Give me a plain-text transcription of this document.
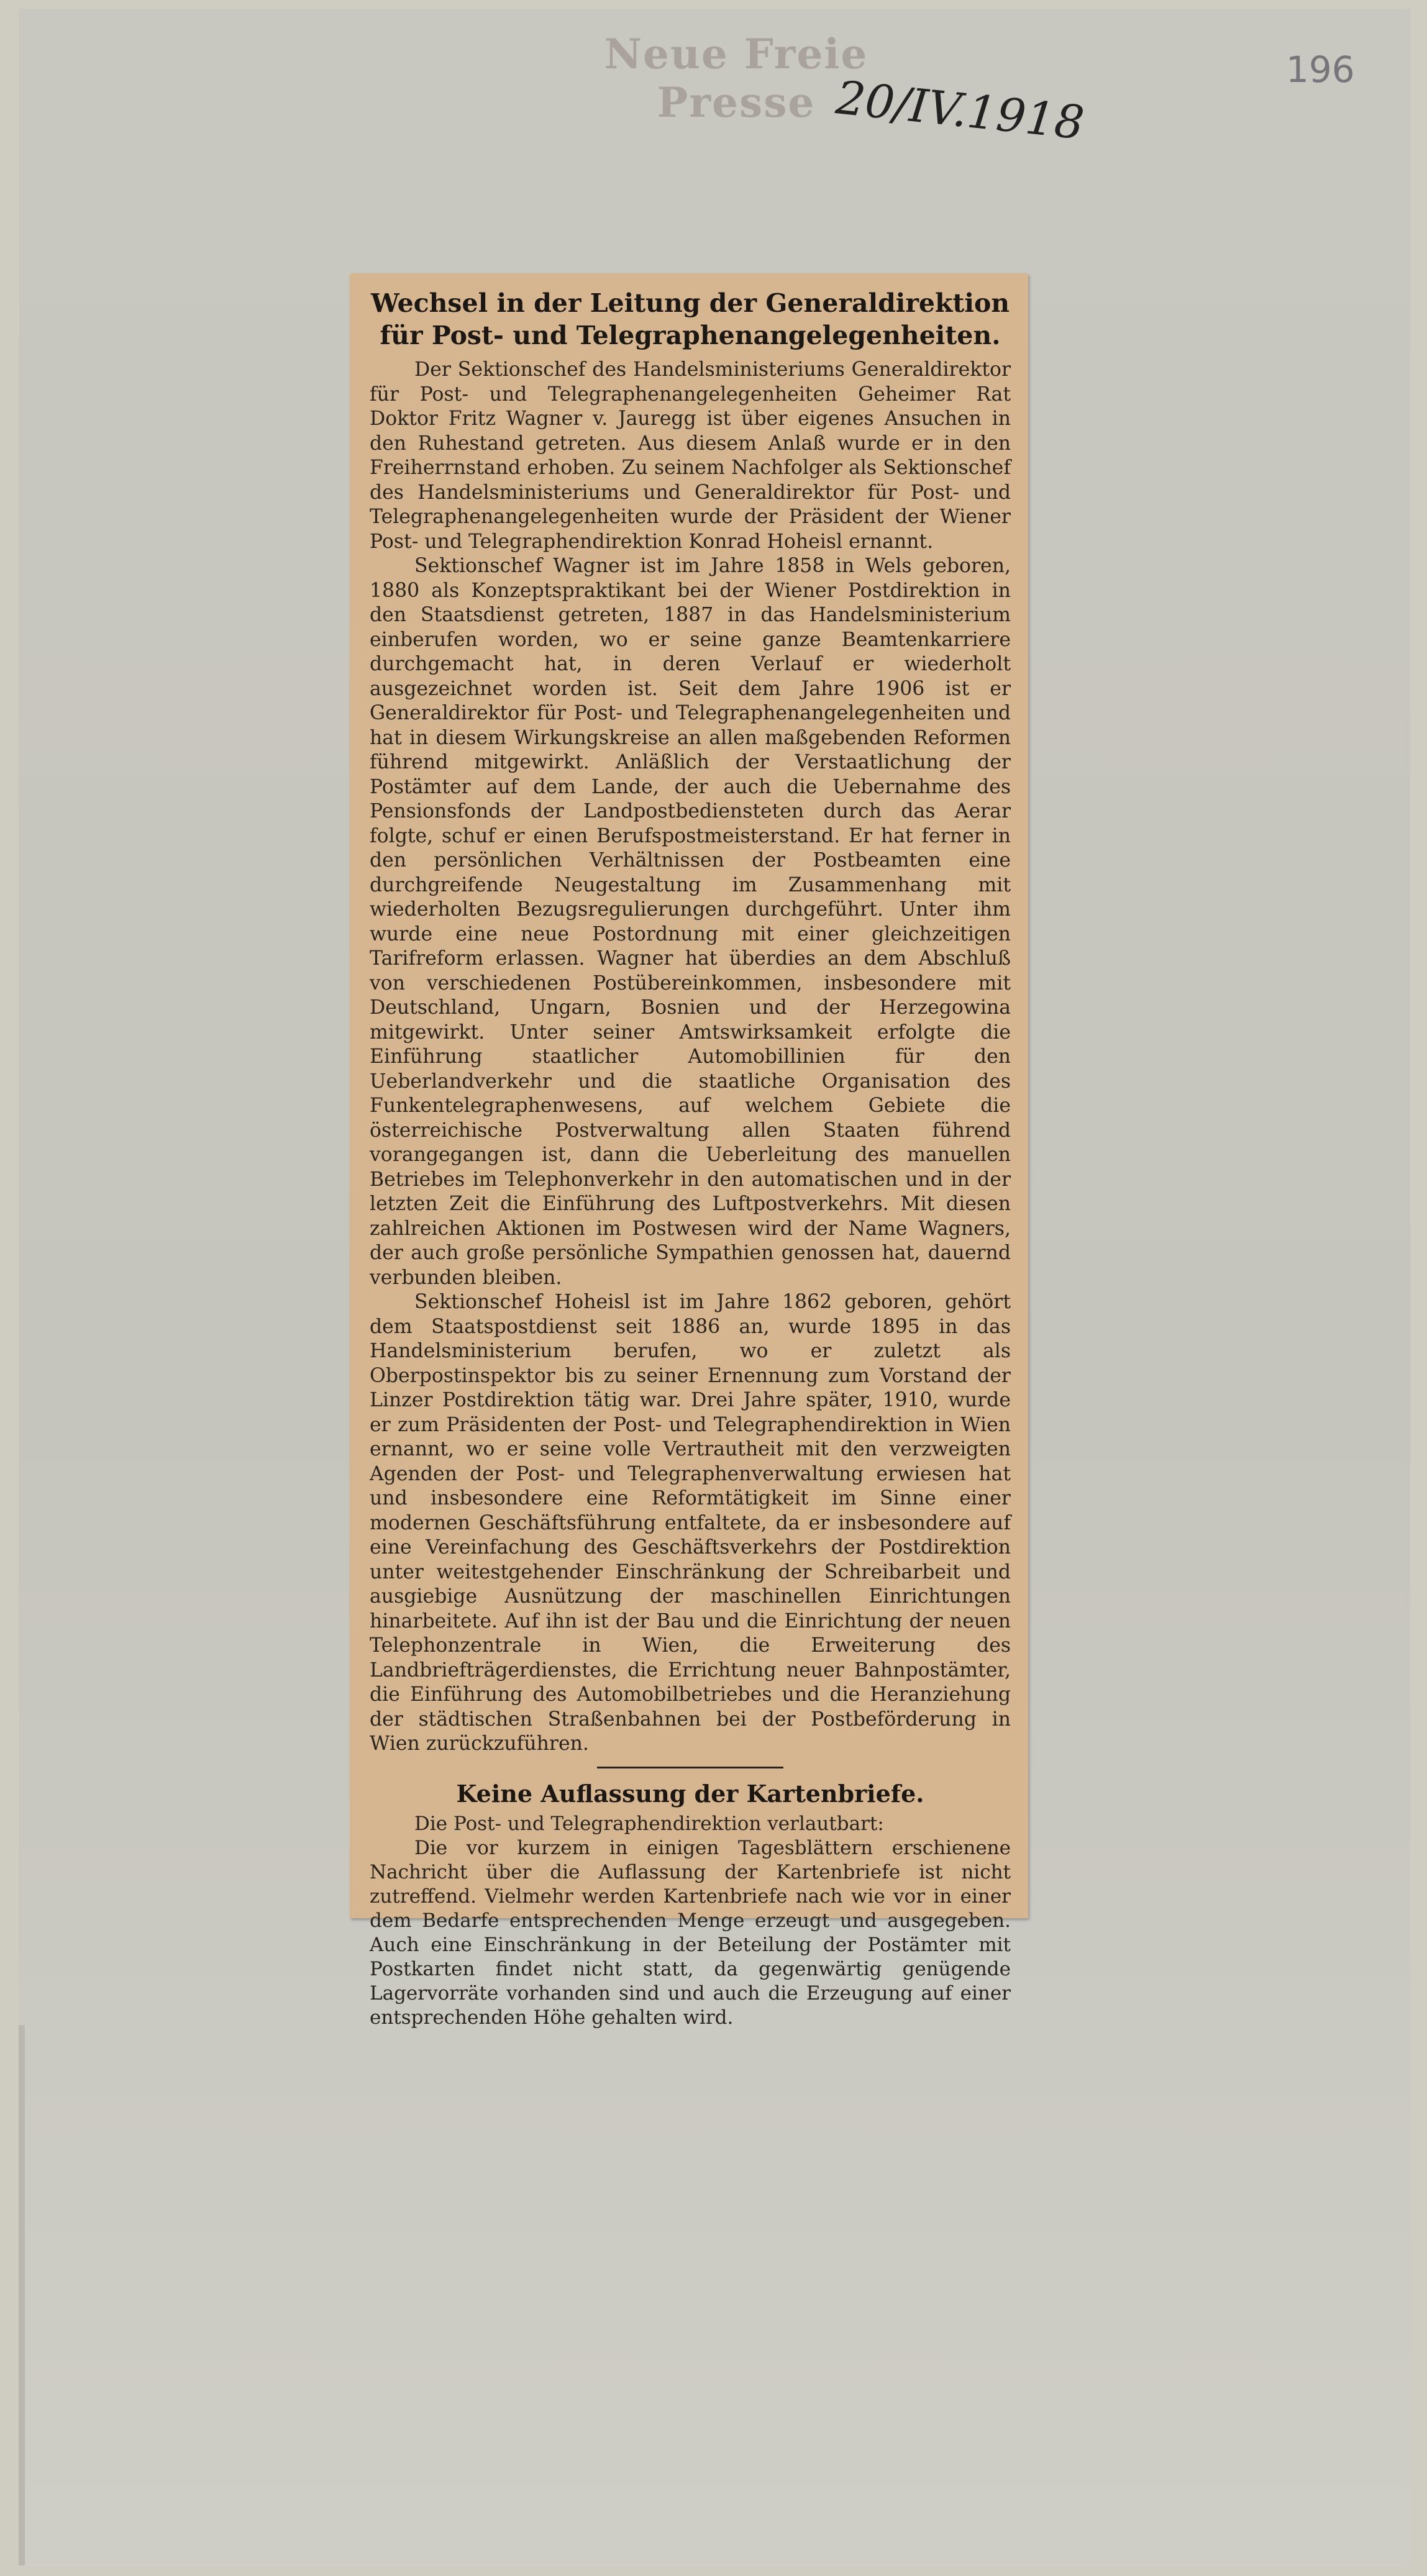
Neue Freie Presse 20/IV.1918
196
Wechsel in der Leitung der Generaldirektion für Post- und Telegraphenangelegenheiten.

Der Sektionschef des Handelsministeriums Generaldirektor für Post- und Telegraphenangelegenheiten Geheimer Rat Doktor Fritz Wagner v. Jauregg ist über eigenes Ansuchen in den Ruhestand getreten. Aus diesem Anlaß wurde er in den Freiherrnstand erhoben. Zu seinem Nachfolger als Sektionschef des Handelsministeriums und Generaldirektor für Post- und Telegraphenangelegenheiten wurde der Präsident der Wiener Post- und Telegraphendirektion Konrad Hoheisl ernannt.

Sektionschef Wagner ist im Jahre 1858 in Wels geboren, 1880 als Konzeptspraktikant bei der Wiener Postdirektion in den Staatsdienst getreten, 1887 in das Handelsministerium einberufen worden, wo er seine ganze Beamtenkarriere durchgemacht hat, in deren Verlauf er wiederholt ausgezeichnet worden ist. Seit dem Jahre 1906 ist er Generaldirektor für Post- und Telegraphenangelegenheiten und hat in diesem Wirkungskreise an allen maßgebenden Reformen führend mitgewirkt. Anläßlich der Verstaatlichung der Postämter auf dem Lande, der auch die Uebernahme des Pensionsfonds der Landpostbediensteten durch das Aerar folgte, schuf er einen Berufspostmeisterstand. Er hat ferner in den persönlichen Verhältnissen der Postbeamten eine durchgreifende Neugestaltung im Zusammenhang mit wiederholten Bezugsregulierungen durchgeführt. Unter ihm wurde eine neue Postordnung mit einer gleichzeitigen Tarifreform erlassen. Wagner hat überdies an dem Abschluß von verschiedenen Postübereinkommen, insbesondere mit Deutschland, Ungarn, Bosnien und der Herzegowina mitgewirkt. Unter seiner Amtswirksamkeit erfolgte die Einführung staatlicher Automobillinien für den Ueberlandverkehr und die staatliche Organisation des Funkentelegraphenwesens, auf welchem Gebiete die österreichische Postverwaltung allen Staaten führend vorangegangen ist, dann die Ueberleitung des manuellen Betriebes im Telephonverkehr in den automatischen und in der letzten Zeit die Einführung des Luftpostverkehrs. Mit diesen zahlreichen Aktionen im Postwesen wird der Name Wagners, der auch große persönliche Sympathien genossen hat, dauernd verbunden bleiben.

Sektionschef Hoheisl ist im Jahre 1862 geboren, gehört dem Staatspostdienst seit 1886 an, wurde 1895 in das Handelsministerium berufen, wo er zuletzt als Oberpostinspektor bis zu seiner Ernennung zum Vorstand der Linzer Postdirektion tätig war. Drei Jahre später, 1910, wurde er zum Präsidenten der Post- und Telegraphendirektion in Wien ernannt, wo er seine volle Vertrautheit mit den verzweigten Agenden der Post- und Telegraphenverwaltung erwiesen hat und insbesondere eine Reformtätigkeit im Sinne einer modernen Geschäftsführung entfaltete, da er insbesondere auf eine Vereinfachung des Geschäftsverkehrs der Postdirektion unter weitestgehender Einschränkung der Schreibarbeit und ausgiebige Ausnützung der maschinellen Einrichtungen hinarbeitete. Auf ihn ist der Bau und die Einrichtung der neuen Telephonzentrale in Wien, die Erweiterung des Landbriefträgerdienstes, die Errichtung neuer Bahnpostämter, die Einführung des Automobilbetriebes und die Heranziehung der städtischen Straßenbahnen bei der Postbeförderung in Wien zurückzuführen.

Keine Auflassung der Kartenbriefe.

Die Post- und Telegraphendirektion verlautbart:

Die vor kurzem in einigen Tagesblättern erschienene Nachricht über die Auflassung der Kartenbriefe ist nicht zutreffend. Vielmehr werden Kartenbriefe nach wie vor in einer dem Bedarfe entsprechenden Menge erzeugt und ausgegeben. Auch eine Einschränkung in der Beteilung der Postämter mit Postkarten findet nicht statt, da gegenwärtig genügende Lagervorräte vorhanden sind und auch die Erzeugung auf einer entsprechenden Höhe gehalten wird.
